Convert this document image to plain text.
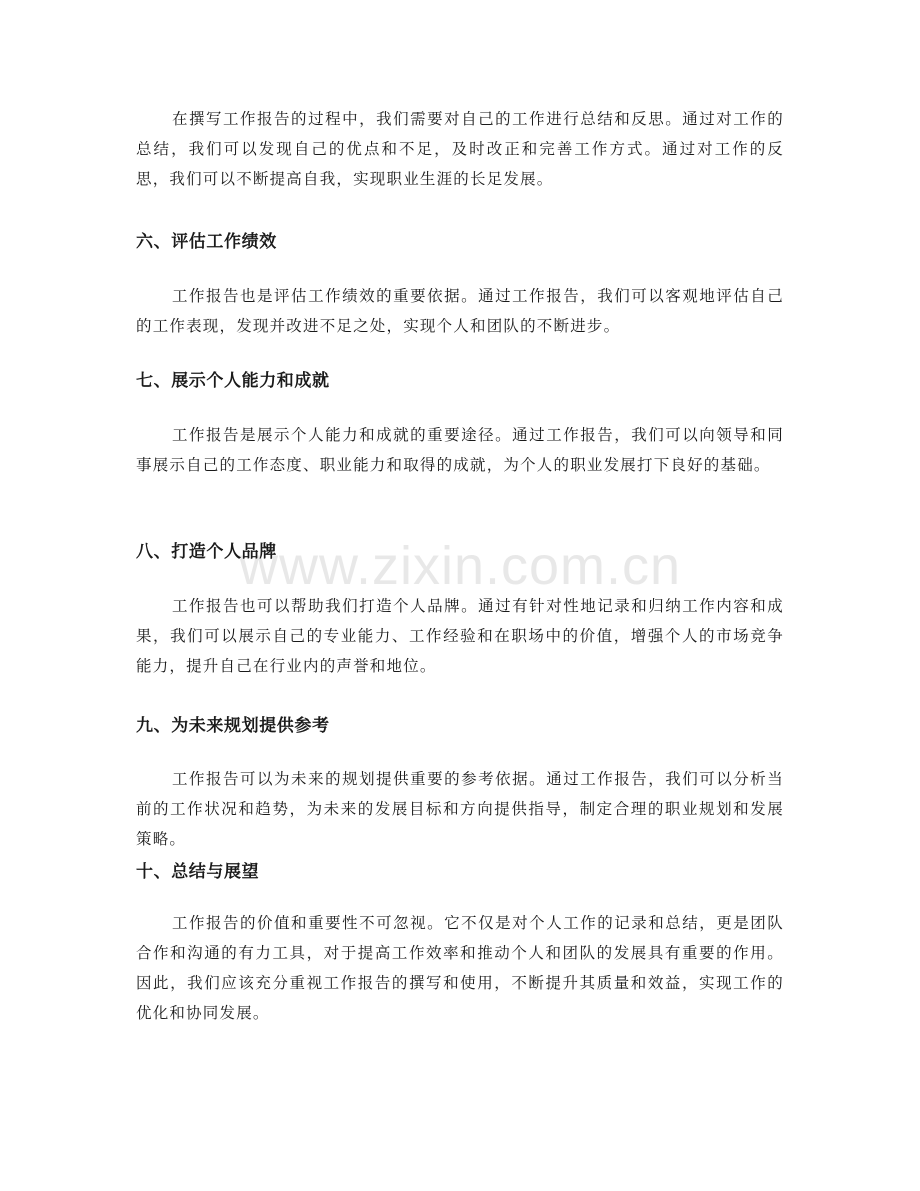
www.zixin.com.cn

在撰写工作报告的过程中，我们需要对自己的工作进行总结和反思。通过对工作的总结，我们可以发现自己的优点和不足，及时改正和完善工作方式。通过对工作的反思，我们可以不断提高自我，实现职业生涯的长足发展。

六、评估工作绩效

工作报告也是评估工作绩效的重要依据。通过工作报告，我们可以客观地评估自己的工作表现，发现并改进不足之处，实现个人和团队的不断进步。

七、展示个人能力和成就

工作报告是展示个人能力和成就的重要途径。通过工作报告，我们可以向领导和同事展示自己的工作态度、职业能力和取得的成就，为个人的职业发展打下良好的基础。

八、打造个人品牌

工作报告也可以帮助我们打造个人品牌。通过有针对性地记录和归纳工作内容和成果，我们可以展示自己的专业能力、工作经验和在职场中的价值，增强个人的市场竞争能力，提升自己在行业内的声誉和地位。

九、为未来规划提供参考

工作报告可以为未来的规划提供重要的参考依据。通过工作报告，我们可以分析当前的工作状况和趋势，为未来的发展目标和方向提供指导，制定合理的职业规划和发展策略。

十、总结与展望

工作报告的价值和重要性不可忽视。它不仅是对个人工作的记录和总结，更是团队合作和沟通的有力工具，对于提高工作效率和推动个人和团队的发展具有重要的作用。因此，我们应该充分重视工作报告的撰写和使用，不断提升其质量和效益，实现工作的优化和协同发展。
